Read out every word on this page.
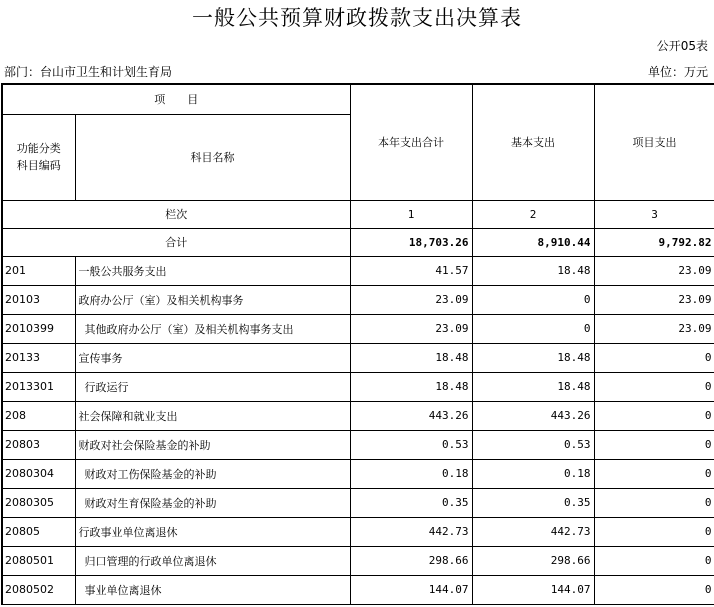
一般公共预算财政拨款支出决算表
公开05表
部门：台山市卫生和计划生育局	单位：万元
项　　目		本年支出合计	基本支出	项目支出

功能分类
科目编码	科目名称			
栏次		1	2	3
合计		18,703.26	8,910.44	9,792.82
201	一般公共服务支出	41.57	18.48	23.09
20103	政府办公厅（室）及相关机构事务	23.09	0	23.09
2010399	其他政府办公厅（室）及相关机构事务支出	23.09	0	23.09
20133	宣传事务	18.48	18.48	0
2013301	行政运行	18.48	18.48	0
208	社会保障和就业支出	443.26	443.26	0
20803	财政对社会保险基金的补助	0.53	0.53	0
2080304	财政对工伤保险基金的补助	0.18	0.18	0
2080305	财政对生育保险基金的补助	0.35	0.35	0
20805	行政事业单位离退休	442.73	442.73	0
2080501	归口管理的行政单位离退休	298.66	298.66	0
2080502	事业单位离退休	144.07	144.07	0
